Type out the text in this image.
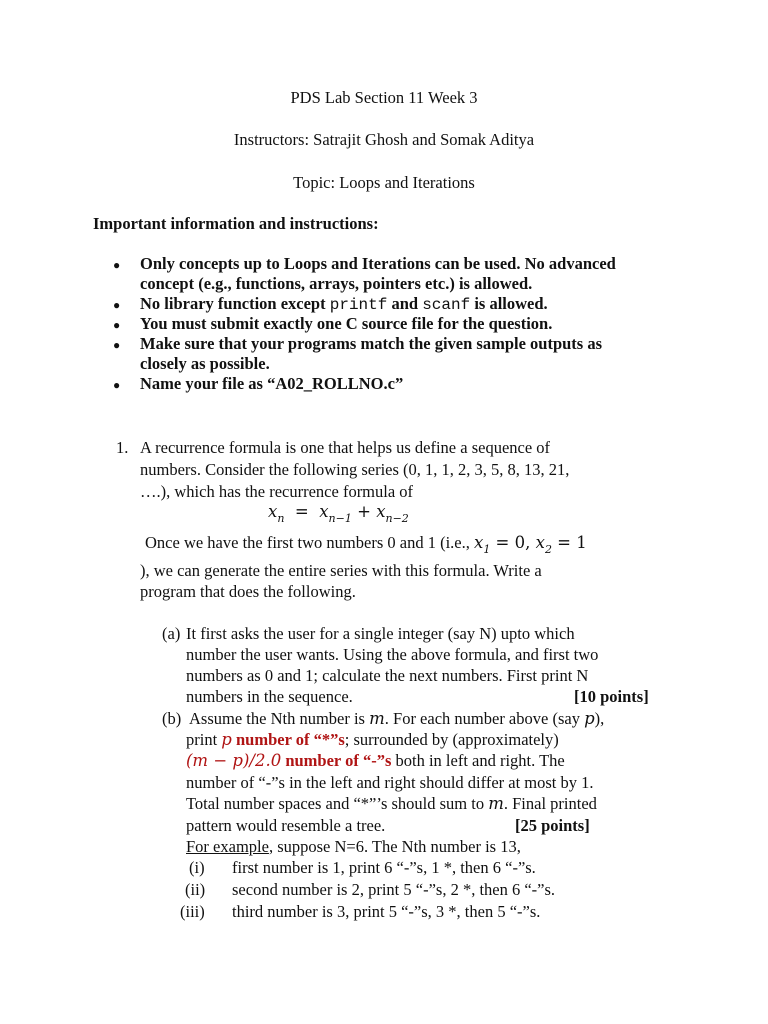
PDS Lab Section 11 Week 3
Instructors: Satrajit Ghosh and Somak Aditya
Topic: Loops and Iterations
Important information and instructions:
● Only concepts up to Loops and Iterations can be used. No advanced
concept (e.g., functions, arrays, pointers etc.) is allowed.
● No library function except printf and scanf is allowed.
● You must submit exactly one C source file for the question.
● Make sure that your programs match the given sample outputs as
closely as possible.
● Name your file as “A02_ROLLNO.c”
1. A recurrence formula is one that helps us define a sequence of
numbers. Consider the following series (0, 1, 1, 2, 3, 5, 8, 13, 21,
….), which has the recurrence formula of
$x_n = x_{n-1} + x_{n-2}$
Once we have the first two numbers 0 and 1 (i.e., $x_1 = 0$, $x_2 = 1$
), we can generate the entire series with this formula. Write a
program that does the following.
(a) It first asks the user for a single integer (say N) upto which
number the user wants. Using the above formula, and first two
numbers as 0 and 1; calculate the next numbers. First print N
numbers in the sequence.	[10 points]
(b) Assume the Nth number is m. For each number above (say p),
print p number of “*”s; surrounded by (approximately)
(m − p)/2.0 number of “-”s both in left and right. The
number of “-”s in the left and right should differ at most by 1.
Total number spaces and “*”’s should sum to m. Final printed
pattern would resemble a tree.	[25 points]
For example, suppose N=6. The Nth number is 13,
(i) first number is 1, print 6 “-”s, 1 *, then 6 “-”s.
(ii) second number is 2, print 5 “-”s, 2 *, then 6 “-”s.
(iii) third number is 3, print 5 “-”s, 3 *, then 5 “-”s.
